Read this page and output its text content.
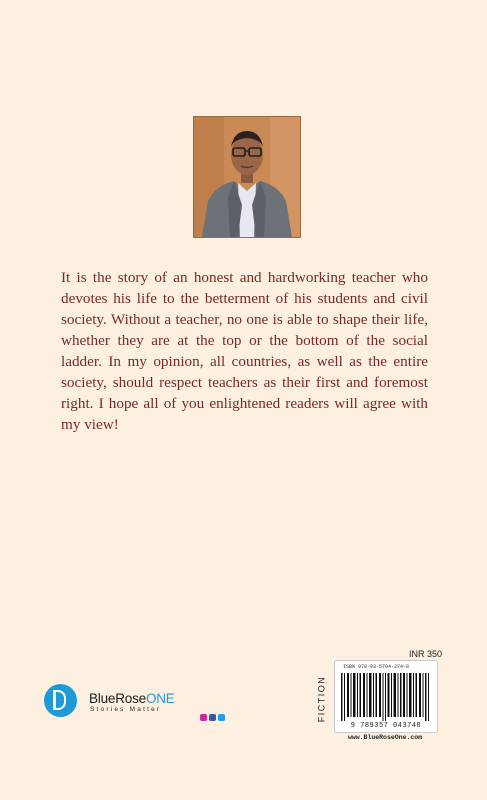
It is the story of an honest and hardworking teacher who devotes his life to the betterment of his students and civil society. Without a teacher, no one is able to shape their life, whether they are at the top or the bottom of the social ladder. In my opinion, all countries, as well as the entire society, should respect teachers as their first and foremost right. I hope all of you enlightened readers will agree with my view!

INR 350
FICTION
ISBN 978-93-5704-374-8
9 789357 043748
www.BlueRoseOne.com
BlueRoseONE
Stories Matter
